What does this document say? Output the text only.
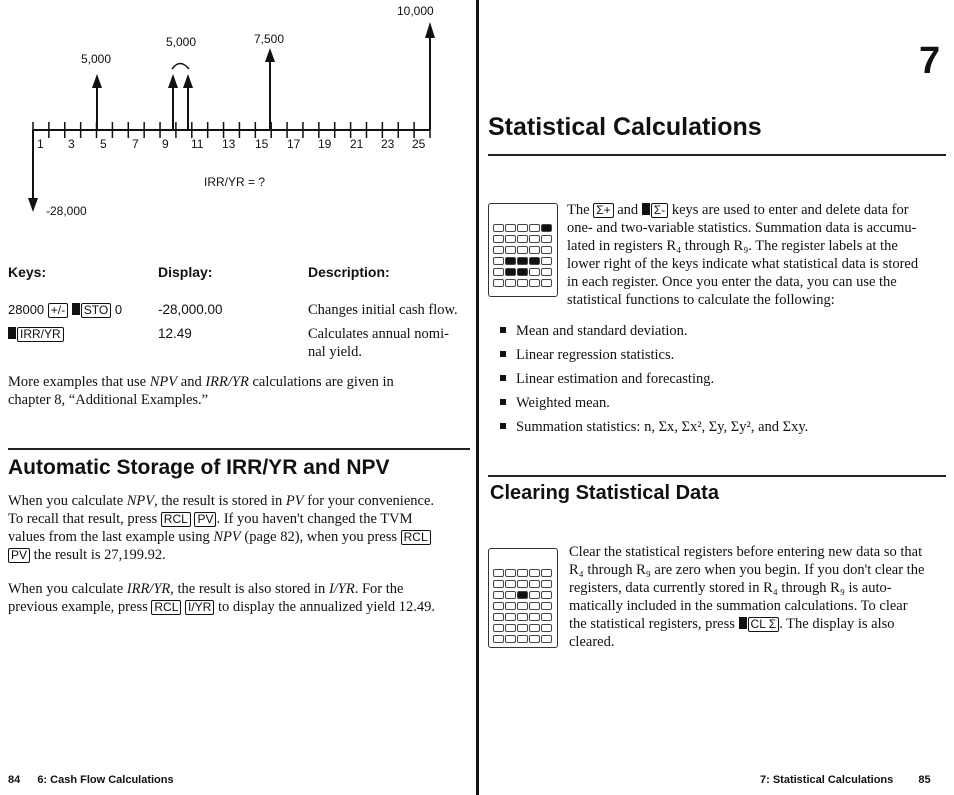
5,000
5,000	7,500
10,000
-28,000
1 3 5 7 9 11 13 15 17 19 21 23 25
IRR/YR = ?
Keys:	Display:	Description:
28000 +/- STO 0	-28,000.00	Changes initial cash flow.
IRR/YR	12.49	Calculates annual nomi-
nal yield.
More examples that use NPV and IRR/YR calculations are given in
chapter 8, “Additional Examples.”
Automatic Storage of IRR/YR and NPV
When you calculate NPV, the result is stored in PV for your convenience.
To recall that result, press RCL PV . If you haven't changed the TVM
values from the last example using NPV (page 82), when you press RCL
PV the result is 27,199.92.
When you calculate IRR/YR, the result is also stored in I/YR. For the
previous example, press RCL I/YR to display the annualized yield 12.49.
84 6: Cash Flow Calculations
7
Statistical Calculations
The Σ+ and Σ- keys are used to enter and delete data for
one- and two-variable statistics. Summation data is accumu-
lated in registers R₄ through R₉. The register labels at the
lower right of the keys indicate what statistical data is stored
in each register. Once you enter the data, you can use the
statistical functions to calculate the following:
Mean and standard deviation.
Linear regression statistics.
Linear estimation and forecasting.
Weighted mean.
Summation statistics: n, Σx, Σx², Σy, Σy², and Σxy.
Clearing Statistical Data
Clear the statistical registers before entering new data so that
R₄ through R₉ are zero when you begin. If you don't clear the
registers, data currently stored in R₄ through R₉ is auto-
matically included in the summation calculations. To clear
the statistical registers, press CL Σ . The display is also
cleared.
7: Statistical Calculations 85
